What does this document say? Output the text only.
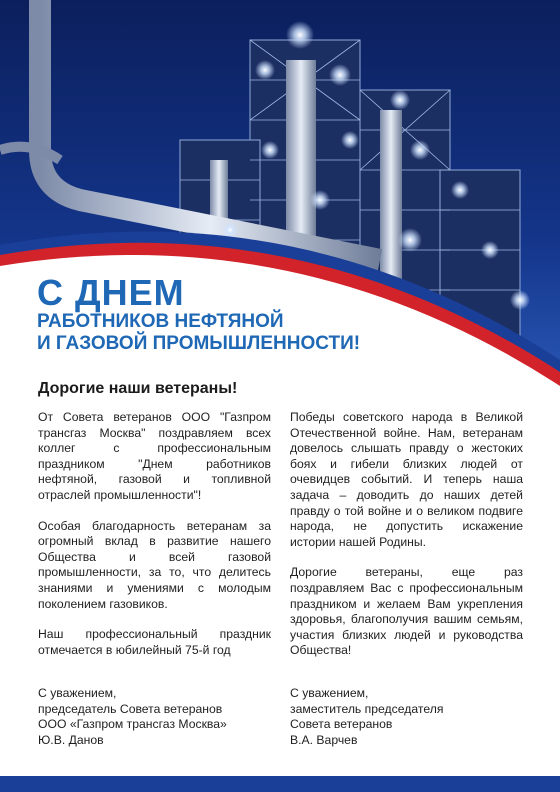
С ДНЕМ
РАБОТНИКОВ НЕФТЯНОЙ
И ГАЗОВОЙ ПРОМЫШЛЕННОСТИ!
Дорогие наши ветераны!

От Совета ветеранов ООО "Газпром трансгаз Москва" поздравляем всех коллег с профессиональным праздником "Днем работников нефтяной, газовой и топливной отраслей промышленности"!

Особая благодарность ветеранам за огромный вклад в развитие нашего Общества и всей газовой промышленности, за то, что делитесь знаниями и умениями с молодым поколением газовиков.

Наш профессиональный праздник отмечается в юбилейный 75-й год

Победы советского народа в Великой Отечественной войне. Нам, ветеранам довелось слышать правду о жестоких боях и гибели близких людей от очевидцев событий. И теперь наша задача – доводить до наших детей правду о той войне и о великом подвиге народа, не допустить искажение истории нашей Родины.

Дорогие ветераны, еще раз поздравляем Вас с профессиональным праздником и желаем Вам укрепления здоровья, благополучия вашим семьям, участия близких людей и руководства Общества!

С уважением,
председатель Совета ветеранов
ООО «Газпром трансгаз Москва»
Ю.В. Данов
С уважением,
заместитель председателя
Совета ветеранов
В.А. Варчев
